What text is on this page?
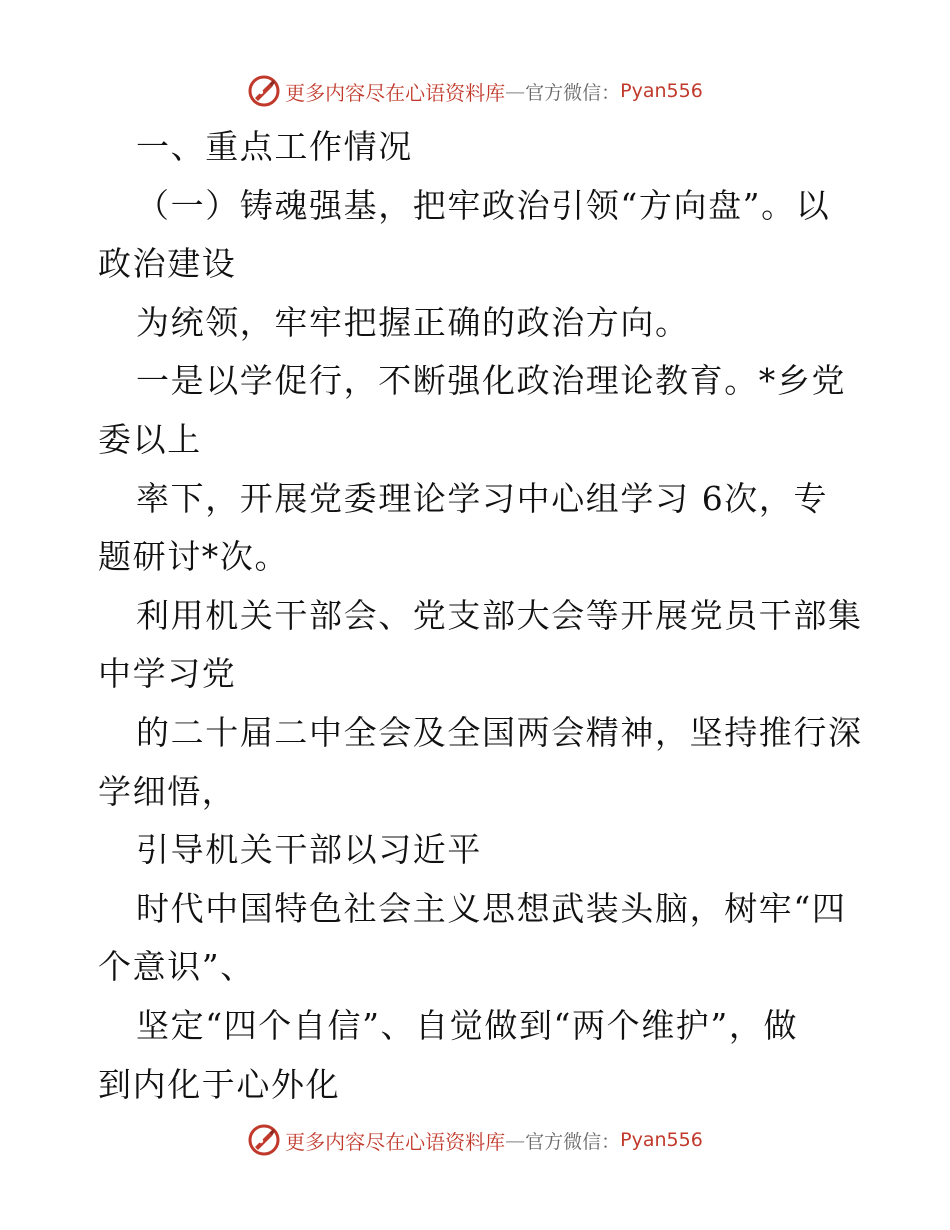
更多内容尽在心语资料库 — 官方微信： Pyan556
一、重点工作情况
（一）铸魂强基，把牢政治引领“方向盘”。以
政治建设
为统领，牢牢把握正确的政治方向。
一是以学促行，不断强化政治理论教育。*乡党
委以上
率下，开展党委理论学习中心组学习 6次，专
题研讨*次。
利用机关干部会、党支部大会等开展党员干部集
中学习党
的二十届二中全会及全国两会精神，坚持推行深
学细悟，
引导机关干部以习近平
时代中国特色社会主义思想武装头脑，树牢“四
个意识”、
坚定“四个自信”、自觉做到“两个维护”，做
到内化于心外化
更多内容尽在心语资料库 — 官方微信： Pyan556
